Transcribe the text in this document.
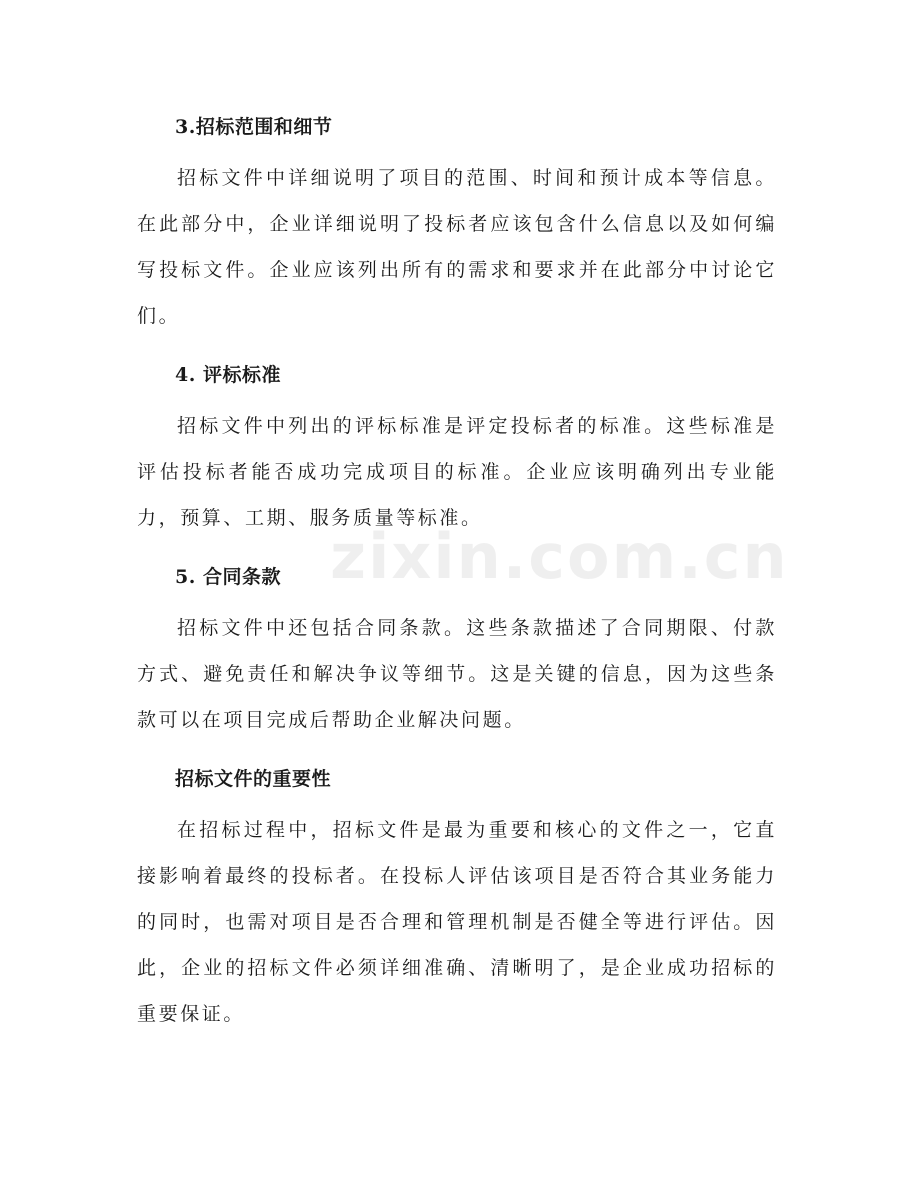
zixin.com.cn
3.招标范围和细节

招标文件中详细说明了项目的范围、时间和预计成本等信息。在此部分中，企业详细说明了投标者应该包含什么信息以及如何编写投标文件。企业应该列出所有的需求和要求并在此部分中讨论它们。

4. 评标标准

招标文件中列出的评标标准是评定投标者的标准。这些标准是评估投标者能否成功完成项目的标准。企业应该明确列出专业能力，预算、工期、服务质量等标准。

5. 合同条款

招标文件中还包括合同条款。这些条款描述了合同期限、付款方式、避免责任和解决争议等细节。这是关键的信息，因为这些条款可以在项目完成后帮助企业解决问题。

招标文件的重要性

在招标过程中，招标文件是最为重要和核心的文件之一，它直接影响着最终的投标者。在投标人评估该项目是否符合其业务能力的同时，也需对项目是否合理和管理机制是否健全等进行评估。因此，企业的招标文件必须详细准确、清晰明了，是企业成功招标的重要保证。
